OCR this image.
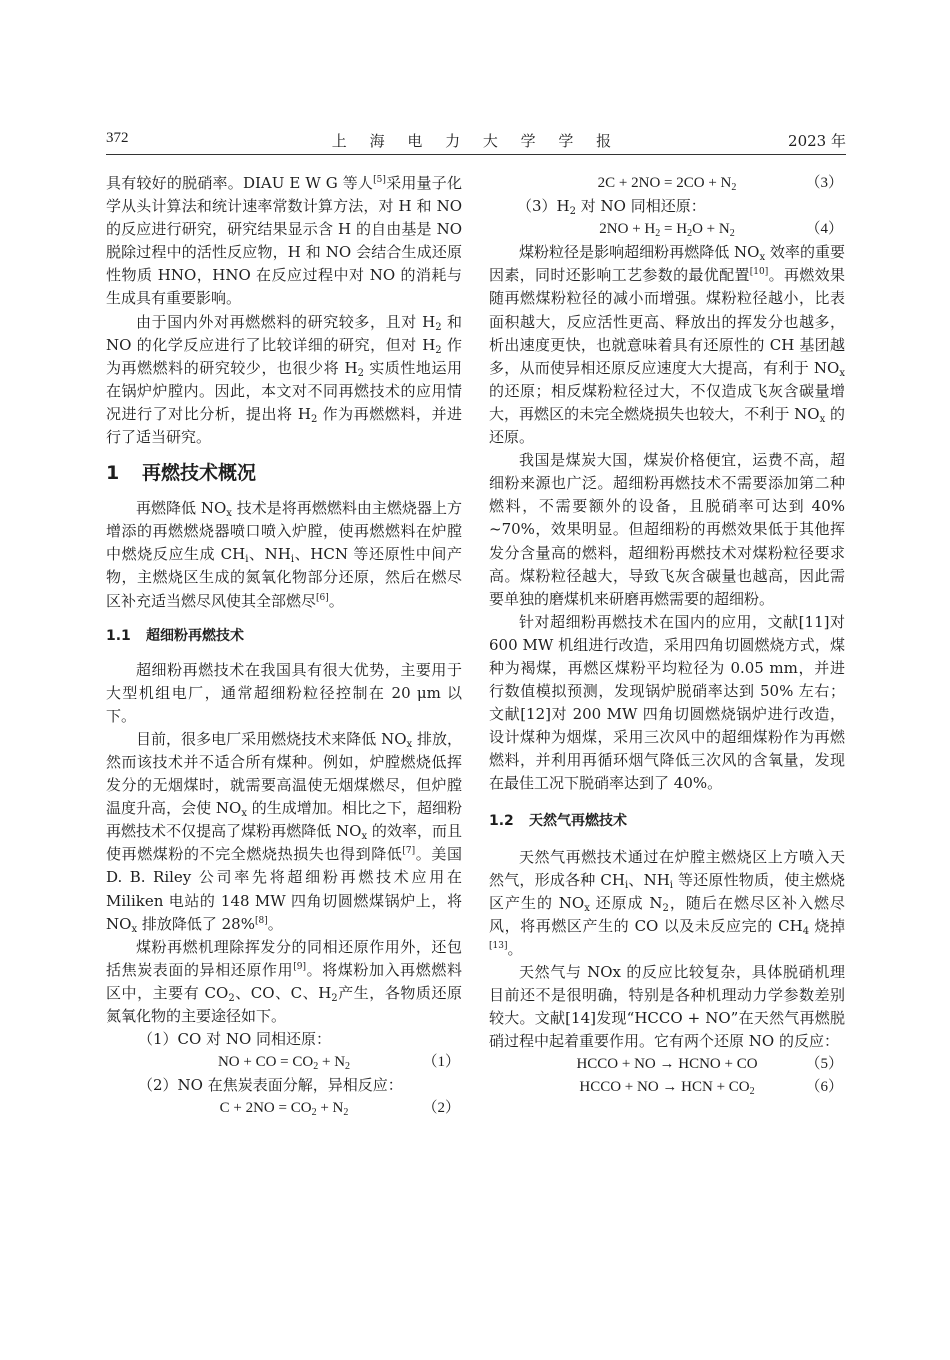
372	上 海 电 力 大 学 学 报	2023 年

具有较好的脱硝率。DIAU E W G 等人[5]采用量子化学从头计算法和统计速率常数计算方法，对 H 和 NO 的反应进行研究，研究结果显示含 H 的自由基是 NO 脱除过程中的活性反应物，H 和 NO 会结合生成还原性物质 HNO，HNO 在反应过程中对 NO 的消耗与生成具有重要影响。

由于国内外对再燃燃料的研究较多，且对 $H_2$ 和 NO 的化学反应进行了比较详细的研究，但对 $H_2$ 作为再燃燃料的研究较少，也很少将 $H_2$ 实质性地运用在锅炉炉膛内。因此，本文对不同再燃技术的应用情况进行了对比分析，提出将 $H_2$ 作为再燃燃料，并进行了适当研究。

1 再燃技术概况

再燃降低 $NO_x$ 技术是将再燃燃料由主燃烧器上方增添的再燃燃烧器喷口喷入炉膛，使再燃燃料在炉膛中燃烧反应生成 $CH_i$、$NH_i$、HCN 等还原性中间产物，主燃烧区生成的氮氧化物部分还原，然后在燃尽区补充适当燃尽风使其全部燃尽[6]。

1.1 超细粉再燃技术

超细粉再燃技术在我国具有很大优势，主要用于大型机组电厂，通常超细粉粒径控制在 20 μm 以下。

目前，很多电厂采用燃烧技术来降低 $NO_x$ 排放，然而该技术并不适合所有煤种。例如，炉膛燃烧低挥发分的无烟煤时，就需要高温使无烟煤燃尽，但炉膛温度升高，会使 $NO_x$ 的生成增加。相比之下，超细粉再燃技术不仅提高了煤粉再燃降低 $NO_x$ 的效率，而且使再燃煤粉的不完全燃烧热损失也得到降低[7]。美国 D. B. Riley 公司率先将超细粉再燃技术应用在 Miliken 电站的 148 MW 四角切圆燃煤锅炉上，将 $NO_x$ 排放降低了 28%[8]。

煤粉再燃机理除挥发分的同相还原作用外，还包括焦炭表面的异相还原作用[9]。将煤粉加入再燃燃料区中，主要有 $CO_2$、CO、C、$H_2$产生，各物质还原氮氧化物的主要途径如下。

（1）CO 对 NO 同相还原：

NO + CO = $CO_2 + N_2$	（1）

（2）NO 在焦炭表面分解，异相反应：

$C + 2NO = CO_2 + N_2$	（2）
$2C + 2NO = 2CO + N_2$	（3）

$(3)H_2$ 对 NO 同相还原：

$2NO + H_2 = H_2O + N_2$	（4）

煤粉粒径是影响超细粉再燃降低 $NO_x$ 效率的重要因素，同时还影响工艺参数的最优配置[10]。再燃效果随再燃煤粉粒径的减小而增强。煤粉粒径越小，比表面积越大，反应活性更高、释放出的挥发分也越多，析出速度更快，也就意味着具有还原性的 CH 基团越多，从而使异相还原反应速度大大提高，有利于 $NO_x$ 的还原；相反煤粉粒径过大，不仅造成飞灰含碳量增大，再燃区的未完全燃烧损失也较大，不利于 $NO_x$ 的还原。

我国是煤炭大国，煤炭价格便宜，运费不高，超细粉来源也广泛。超细粉再燃技术不需要添加第二种燃料，不需要额外的设备，且脱硝率可达到 40% ~70%，效果明显。但超细粉的再燃效果低于其他挥发分含量高的燃料，超细粉再燃技术对煤粉粒径要求高。煤粉粒径越大，导致飞灰含碳量也越高，因此需要单独的磨煤机来研磨再燃需要的超细粉。

针对超细粉再燃技术在国内的应用，文献[11]对 600 MW 机组进行改造，采用四角切圆燃烧方式，煤种为褐煤，再燃区煤粉平均粒径为 0.05 mm，并进行数值模拟预测，发现锅炉脱硝率达到 50% 左右；文献[12]对 200 MW 四角切圆燃烧锅炉进行改造，设计煤种为烟煤，采用三次风中的超细煤粉作为再燃燃料，并利用再循环烟气降低三次风的含氧量，发现在最佳工况下脱硝率达到了 40%。

1.2 天然气再燃技术

天然气再燃技术通过在炉膛主燃烧区上方喷入天然气，形成各种 $CH_i$、$NH_i$ 等还原性物质，使主燃烧区产生的 $NO_x$ 还原成 $N_2$，随后在燃尽区补入燃尽风，将再燃区产生的 CO 以及未反应完的 $CH_4$ 烧掉[13]。

天然气与 NOx 的反应比较复杂，具体脱硝机理目前还不是很明确，特别是各种机理动力学参数差别较大。文献[14]发现“HCCO + NO”在天然气再燃脱硝过程中起着重要作用。它有两个还原 NO 的反应：

HCCO + NO → HCNO + CO	（5）
HCCO + NO → HCN + $CO_2$	（6）
